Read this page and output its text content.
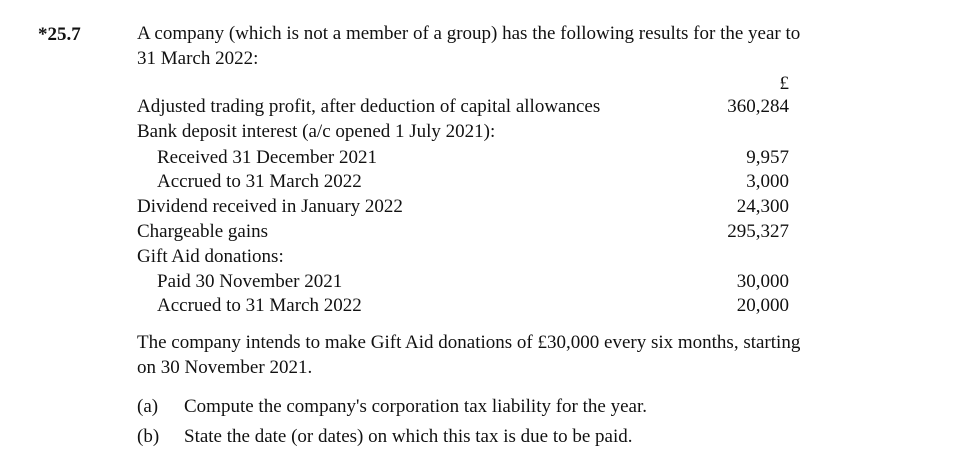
*25.7	A company (which is not a member of a group) has the following results for the year to
31 March 2022:
£
Adjusted trading profit, after deduction of capital allowances	360,284
Bank deposit interest (a/c opened 1 July 2021):
Received 31 December 2021	9,957
Accrued to 31 March 2022	3,000
Dividend received in January 2022	24,300
Chargeable gains	295,327
Gift Aid donations:
Paid 30 November 2021	30,000
Accrued to 31 March 2022	20,000
The company intends to make Gift Aid donations of £30,000 every six months, starting
on 30 November 2021.
(a) Compute the company's corporation tax liability for the year.
(b) State the date (or dates) on which this tax is due to be paid.
